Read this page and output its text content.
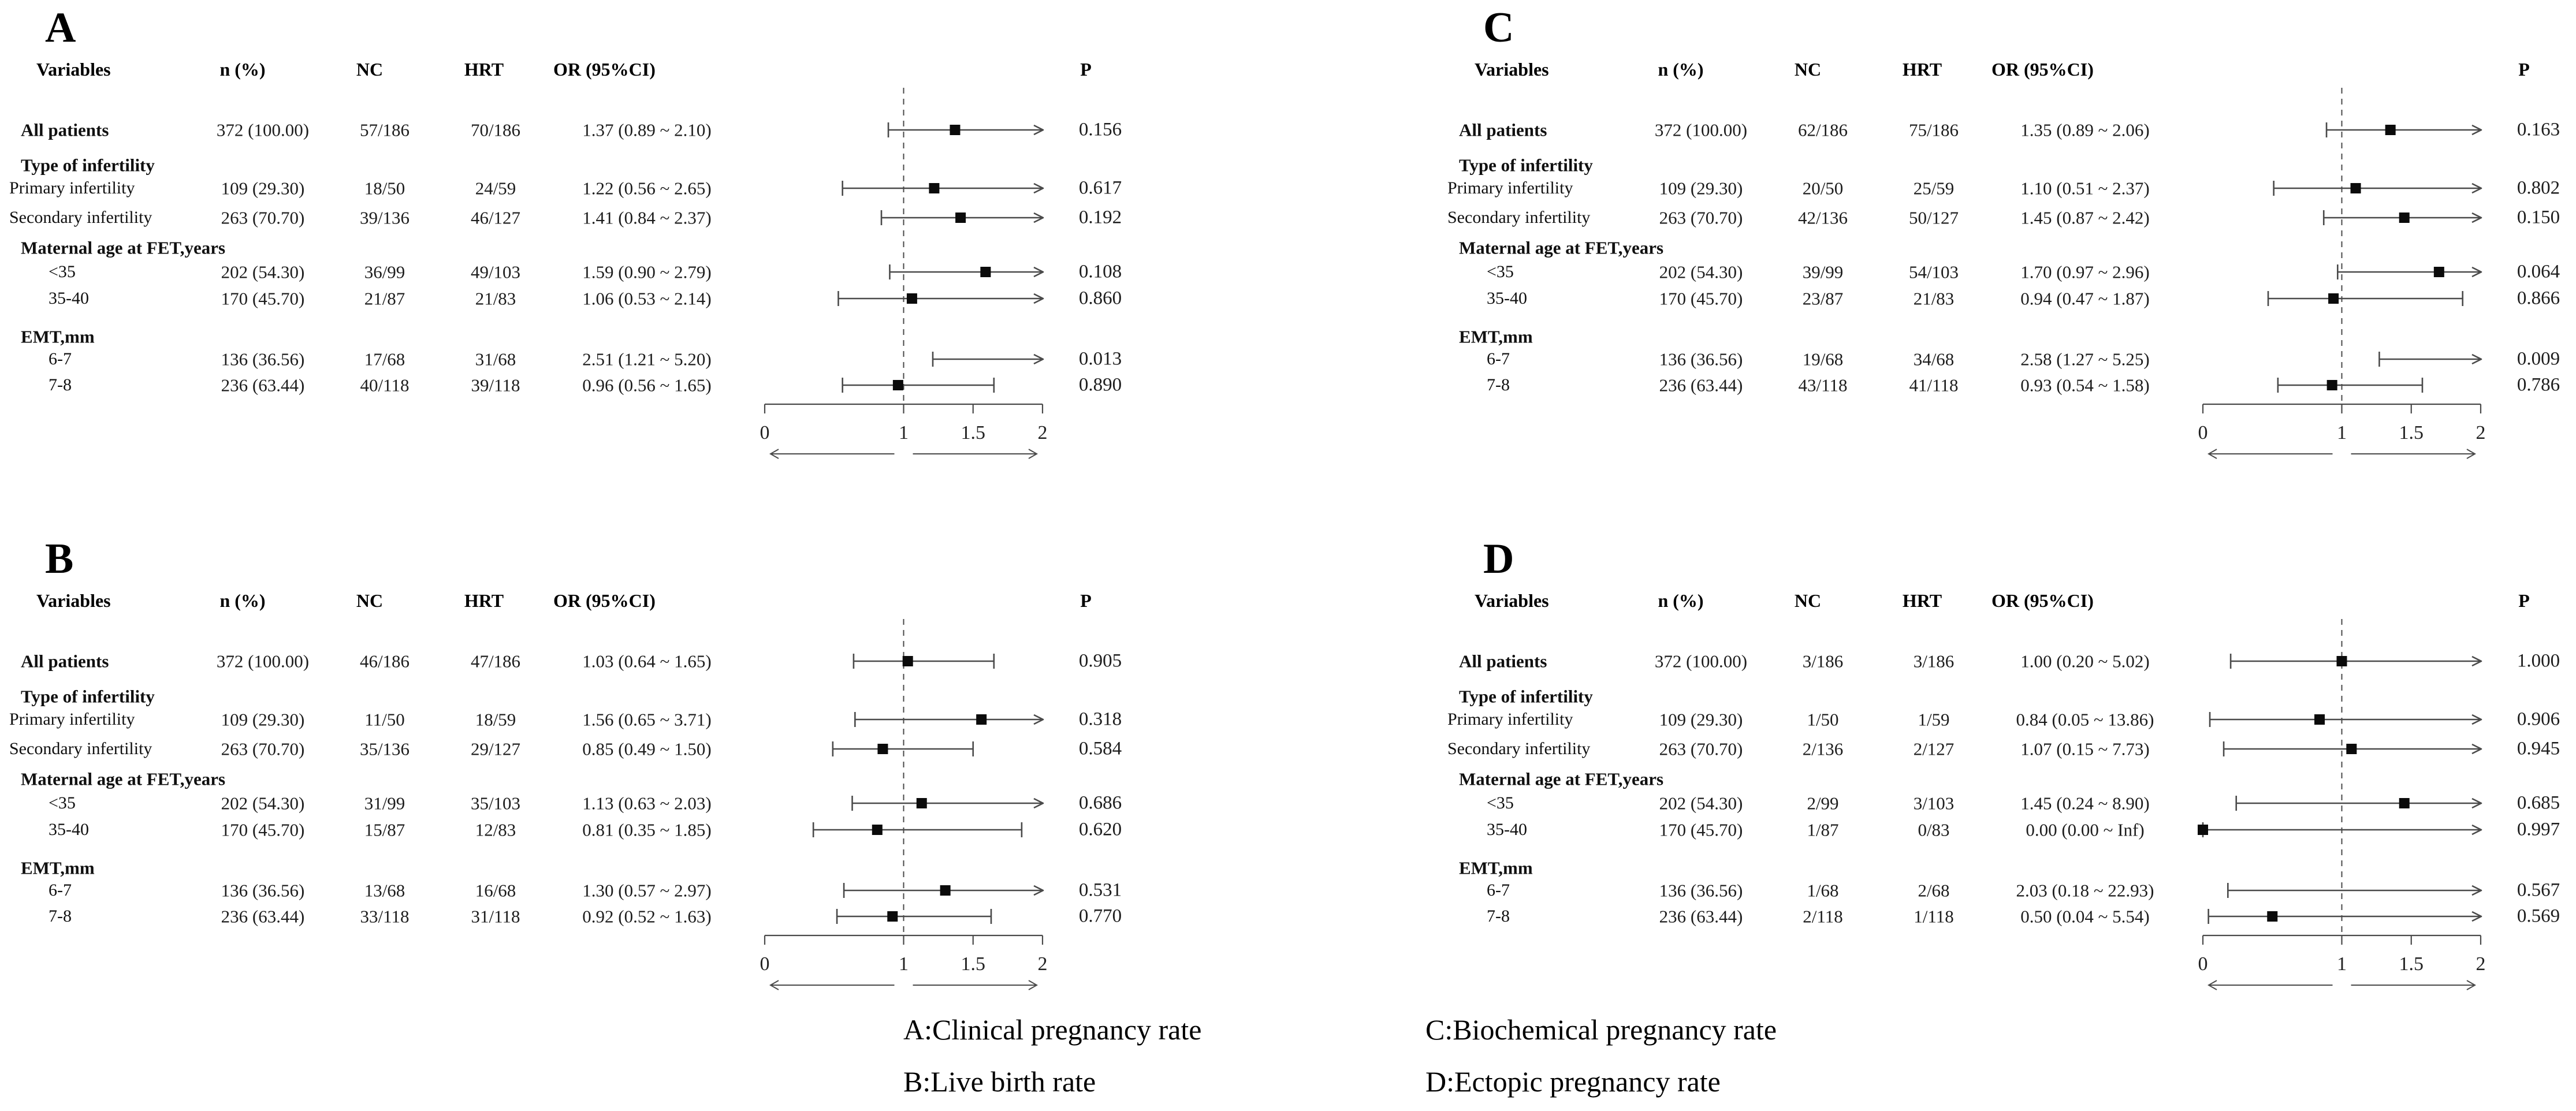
A
Variables	n (%)	NC	HRT	OR (95%CI)	P
All patients	372 (100.00)	57/186	70/186	1.37 (0.89 ~ 2.10)	0.156
Type of infertility
Primary infertility	109 (29.30)	18/50	24/59	1.22 (0.56 ~ 2.65)	0.617
Secondary infertility	263 (70.70)	39/136	46/127	1.41 (0.84 ~ 2.37)	0.192
Maternal age at FET,years
<35	202 (54.30)	36/99	49/103	1.59 (0.90 ~ 2.79)	0.108
35-40	170 (45.70)	21/87	21/83	1.06 (0.53 ~ 2.14)	0.860
EMT,mm
6-7	136 (36.56)	17/68	31/68	2.51 (1.21 ~ 5.20)	0.013
7-8	236 (63.44)	40/118	39/118	0.96 (0.56 ~ 1.65)	0.890
0	1	1.5	2
B
Variables	n (%)	NC	HRT	OR (95%CI)	P
All patients	372 (100.00)	46/186	47/186	1.03 (0.64 ~ 1.65)	0.905
Type of infertility
Primary infertility	109 (29.30)	11/50	18/59	1.56 (0.65 ~ 3.71)	0.318
Secondary infertility	263 (70.70)	35/136	29/127	0.85 (0.49 ~ 1.50)	0.584
Maternal age at FET,years
<35	202 (54.30)	31/99	35/103	1.13 (0.63 ~ 2.03)	0.686
35-40	170 (45.70)	15/87	12/83	0.81 (0.35 ~ 1.85)	0.620
EMT,mm
6-7	136 (36.56)	13/68	16/68	1.30 (0.57 ~ 2.97)	0.531
7-8	236 (63.44)	33/118	31/118	0.92 (0.52 ~ 1.63)	0.770
0	1	1.5	2
C
Variables	n (%)	NC	HRT	OR (95%CI)	P
All patients	372 (100.00)	62/186	75/186	1.35 (0.89 ~ 2.06)	0.163
Type of infertility
Primary infertility	109 (29.30)	20/50	25/59	1.10 (0.51 ~ 2.37)	0.802
Secondary infertility	263 (70.70)	42/136	50/127	1.45 (0.87 ~ 2.42)	0.150
Maternal age at FET,years
<35	202 (54.30)	39/99	54/103	1.70 (0.97 ~ 2.96)	0.064
35-40	170 (45.70)	23/87	21/83	0.94 (0.47 ~ 1.87)	0.866
EMT,mm
6-7	136 (36.56)	19/68	34/68	2.58 (1.27 ~ 5.25)	0.009
7-8	236 (63.44)	43/118	41/118	0.93 (0.54 ~ 1.58)	0.786
0	1	1.5	2
D
Variables	n (%)	NC	HRT	OR (95%CI)	P
All patients	372 (100.00)	3/186	3/186	1.00 (0.20 ~ 5.02)	1.000
Type of infertility
Primary infertility	109 (29.30)	1/50	1/59	0.84 (0.05 ~ 13.86)	0.906
Secondary infertility	263 (70.70)	2/136	2/127	1.07 (0.15 ~ 7.73)	0.945
Maternal age at FET,years
<35	202 (54.30)	2/99	3/103	1.45 (0.24 ~ 8.90)	0.685
35-40	170 (45.70)	1/87	0/83	0.00 (0.00 ~ Inf)	0.997
EMT,mm
6-7	136 (36.56)	1/68	2/68	2.03 (0.18 ~ 22.93)	0.567
7-8	236 (63.44)	2/118	1/118	0.50 (0.04 ~ 5.54)	0.569
0	1	1.5	2
A:Clinical pregnancy rate
B:Live birth rate
C:Biochemical pregnancy rate
D:Ectopic pregnancy rate
